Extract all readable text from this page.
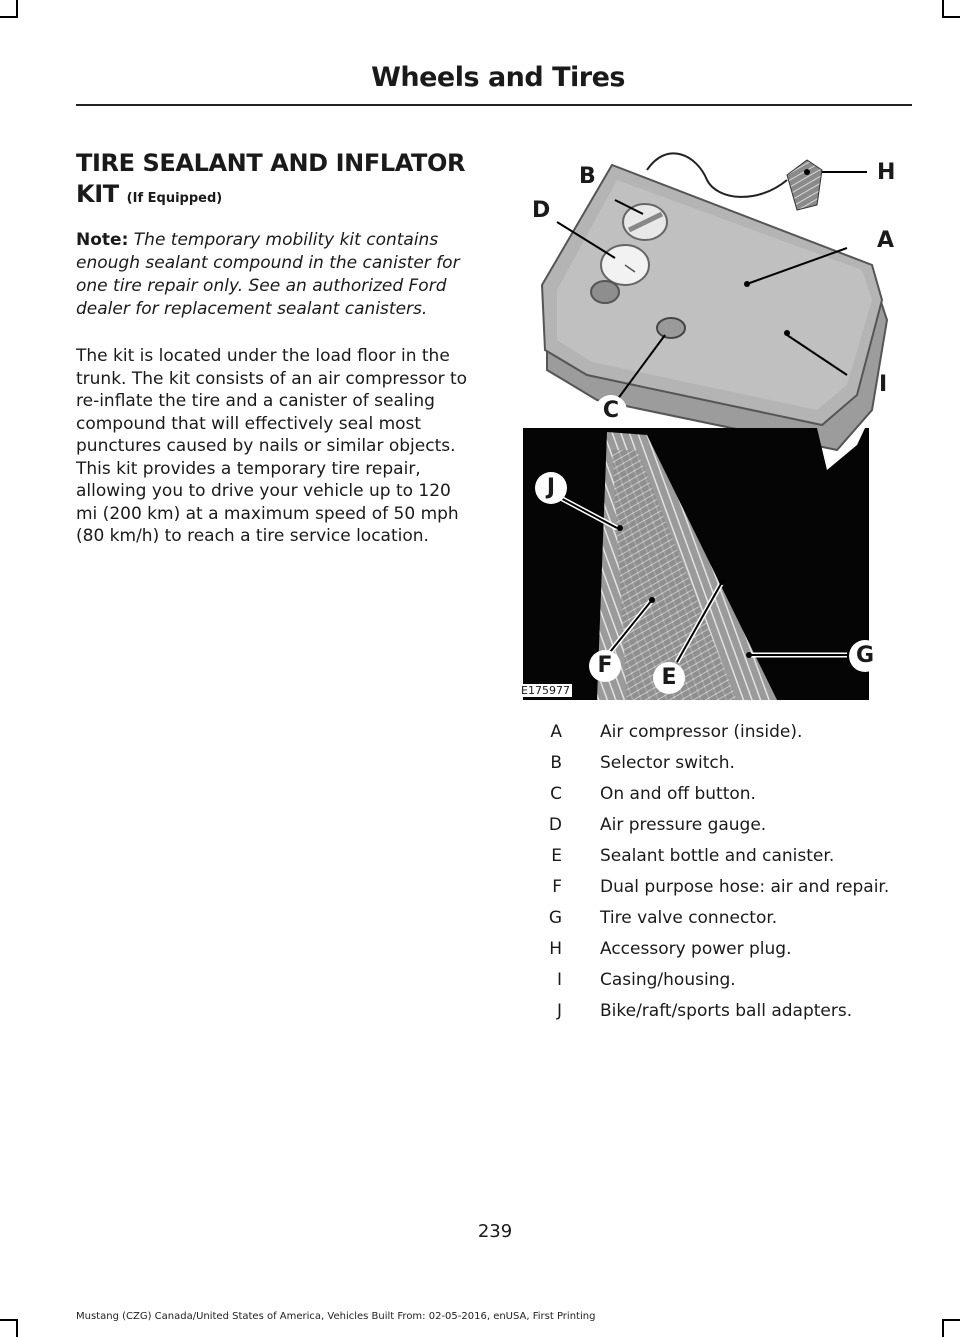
Wheels and Tires
TIRE SEALANT AND INFLATOR KIT (If Equipped)
Note: The temporary mobility kit contains enough sealant compound in the canister for one tire repair only. See an authorized Ford dealer for replacement sealant canisters.
The kit is located under the load floor in the trunk. The kit consists of an air compressor to re-inflate the tire and a canister of sealing compound that will effectively seal most punctures caused by nails or similar objects. This kit provides a temporary tire repair, allowing you to drive your vehicle up to 120 mi (200 km) at a maximum speed of 50 mph (80 km/h) to reach a tire service location.
B
D
H
A
I
C
J
F	E
G
E175977
A Air compressor (inside).
B Selector switch.
C On and off button.
D Air pressure gauge.
E Sealant bottle and canister.
F Dual purpose hose: air and repair.
G Tire valve connector.
H Accessory power plug.
I Casing/housing.
J Bike/raft/sports ball adapters.
239
Mustang (CZG) Canada/United States of America, Vehicles Built From: 02-05-2016, enUSA, First Printing
